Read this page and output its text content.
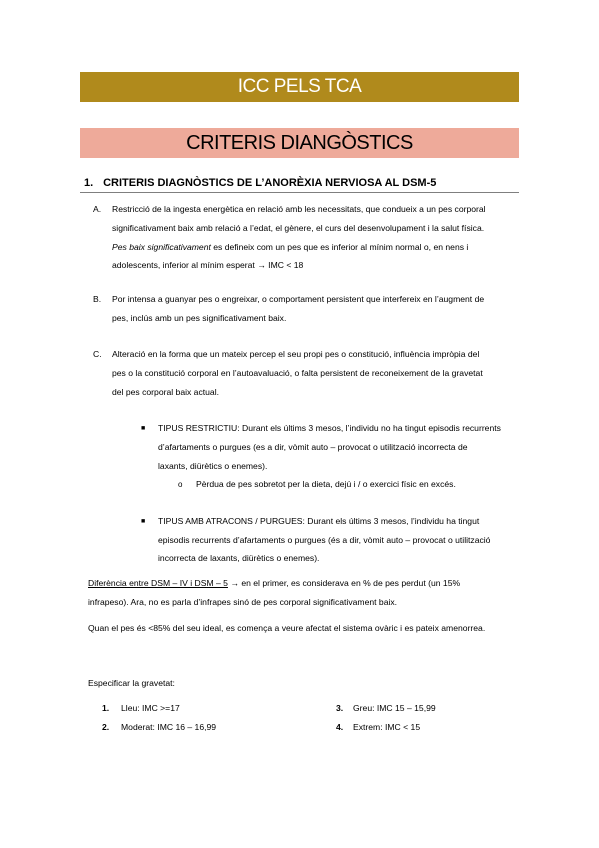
ICC PELS TCA
CRITERIS DIANGÒSTICS
1. CRITERIS DIAGNÒSTICS DE L’ANORÈXIA NERVIOSA AL DSM-5
A. Restricció de la ingesta energètica en relació amb les necessitats, que condueix a un pes corporal
significativament baix amb relació a l’edat, el gènere, el curs del desenvolupament i la salut física.
Pes baix significativament es defineix com un pes que es inferior al mínim normal o, en nens i
adolescents, inferior al mínim esperat → IMC < 18
B. Por intensa a guanyar pes o engreixar, o comportament persistent que interfereix en l’augment de
pes, inclús amb un pes significativament baix.
C. Alteració en la forma que un mateix percep el seu propi pes o constitució, influència impròpia del
pes o la constitució corporal en l’autoavaluació, o falta persistent de reconeixement de la gravetat
del pes corporal baix actual.
■ TIPUS RESTRICTIU: Durant els últims 3 mesos, l’individu no ha tingut episodis recurrents
d’afartaments o purgues (es a dir, vòmit auto – provocat o utilització incorrecta de
laxants, diürètics o enemes).
o Pèrdua de pes sobretot per la dieta, dejú i / o exercici físic en excés.
■ TIPUS AMB ATRACONS / PURGUES: Durant els últims 3 mesos, l’individu ha tingut
episodis recurrents d’afartaments o purgues (és a dir, vòmit auto – provocat o utilització
incorrecta de laxants, diürètics o enemes).
Diferència entre DSM – IV i DSM – 5 → en el primer, es considerava en % de pes perdut (un 15%
infrapeso). Ara, no es parla d’infrapes sinó de pes corporal significativament baix.
Quan el pes és <85% del seu ideal, es comença a veure afectat el sistema ovàric i es pateix amenorrea.
Especificar la gravetat:
1. Lleu: IMC >=17
2. Moderat: IMC 16 – 16,99
3. Greu: IMC 15 – 15,99
4. Extrem: IMC < 15
